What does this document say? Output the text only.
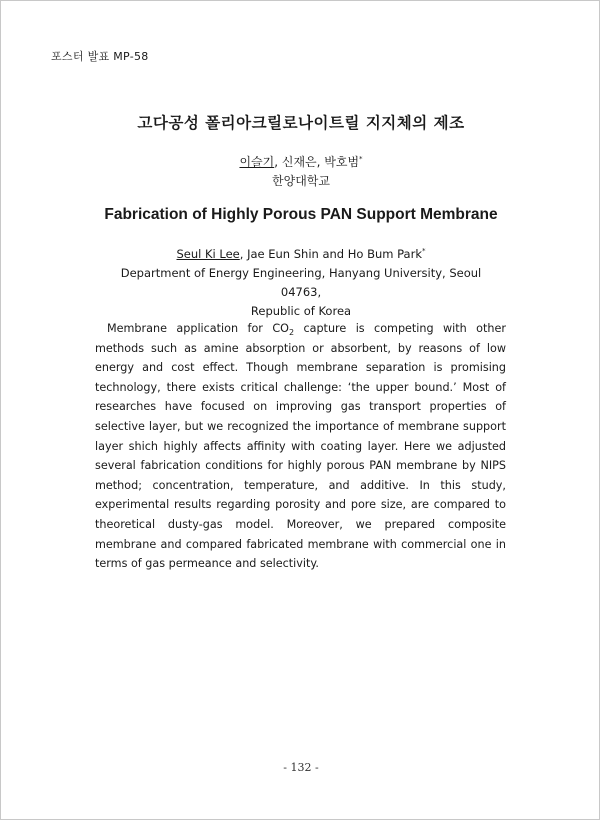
포스터 발표 MP-58
고다공성 폴리아크릴로나이트릴 지지체의 제조
이슬기, 신재은, 박호범*
한양대학교
Fabrication of Highly Porous PAN Support Membrane
Seul Ki Lee, Jae Eun Shin and Ho Bum Park*
Department of Energy Engineering, Hanyang University, Seoul 04763,
Republic of Korea

Membrane application for $CO_2$ capture is competing with other methods such as amine absorption or absorbent, by reasons of low energy and cost effect. Though membrane separation is promising technology, there exists critical challenge: ‘the upper bound.’ Most of researches have focused on improving gas transport properties of selective layer, but we recognized the importance of membrane support layer shich highly affects affinity with coating layer. Here we adjusted several fabrication conditions for highly porous PAN membrane by NIPS method; concentration, temperature, and additive. In this study, experimental results regarding porosity and pore size, are compared to theoretical dusty-gas model. Moreover, we prepared composite membrane and compared fabricated membrane with commercial one in terms of gas permeance and selectivity.

- 132 -
